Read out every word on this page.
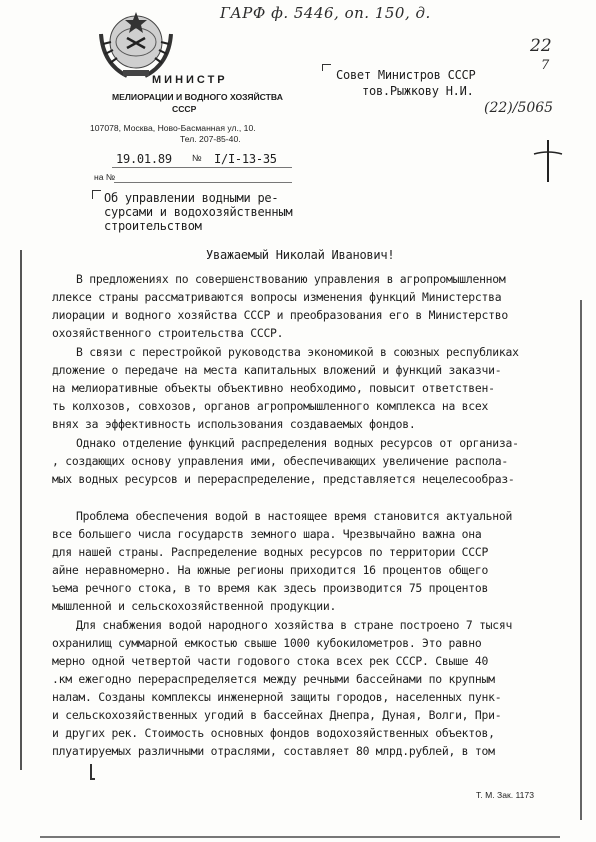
ГАРФ ф. 5446, оп. 150, д.
22
7
МИНИСТР
МЕЛИОРАЦИИ И ВОДНОГО ХОЗЯЙСТВА
СССР
107078, Москва, Ново-Басманная ул., 10.
Тел. 207-85-40.
Совет Министров СССР
тов.Рыжкову Н.И.
(22)/5065
19.01.89 № I/I-13-35
на №
Об управлении водными ре-
сурсами и водохозяйственным
строительством
Уважаемый Николай Иванович!
В предложениях по совершенствованию управления в агропромышленном
ллексе страны рассматриваются вопросы изменения функций Министерства
лиорации и водного хозяйства СССР и преобразования его в Министерство
охозяйственного строительства СССР.
В связи с перестройкой руководства экономикой в союзных республиках
дложение о передаче на места капитальных вложений и функций заказчи-
на мелиоративные объекты объективно необходимо, повысит ответствен-
ть колхозов, совхозов, органов агропромышленного комплекса на всех
внях за эффективность использования создаваемых фондов.
Однако отделение функций распределения водных ресурсов от организа-
, создающих основу управления ими, обеспечивающих увеличение распола-
мых водных ресурсов и перераспределение, представляется нецелесообраз-
Проблема обеспечения водой в настоящее время становится актуальной
все большего числа государств земного шара. Чрезвычайно важна она
для нашей страны. Распределение водных ресурсов по территории СССР
айне неравномерно. На южные регионы приходится 16 процентов общего
ъема речного стока, в то время как здесь производится 75 процентов
мышленной и сельскохозяйственной продукции.
Для снабжения водой народного хозяйства в стране построено 7 тысяч
охранилищ суммарной емкостью свыше 1000 кубокилометров. Это равно
мерно одной четвертой части годового стока всех рек СССР. Свыше 40
.км ежегодно перераспределяется между речными бассейнами по крупным
налам. Созданы комплексы инженерной защиты городов, населенных пунк-
и сельскохозяйственных угодий в бассейнах Днепра, Дуная, Волги, При-
и других рек. Стоимость основных фондов водохозяйственных объектов,
плуатируемых различными отраслями, составляет 80 млрд.рублей, в том
Т. М. Зак. 1173
